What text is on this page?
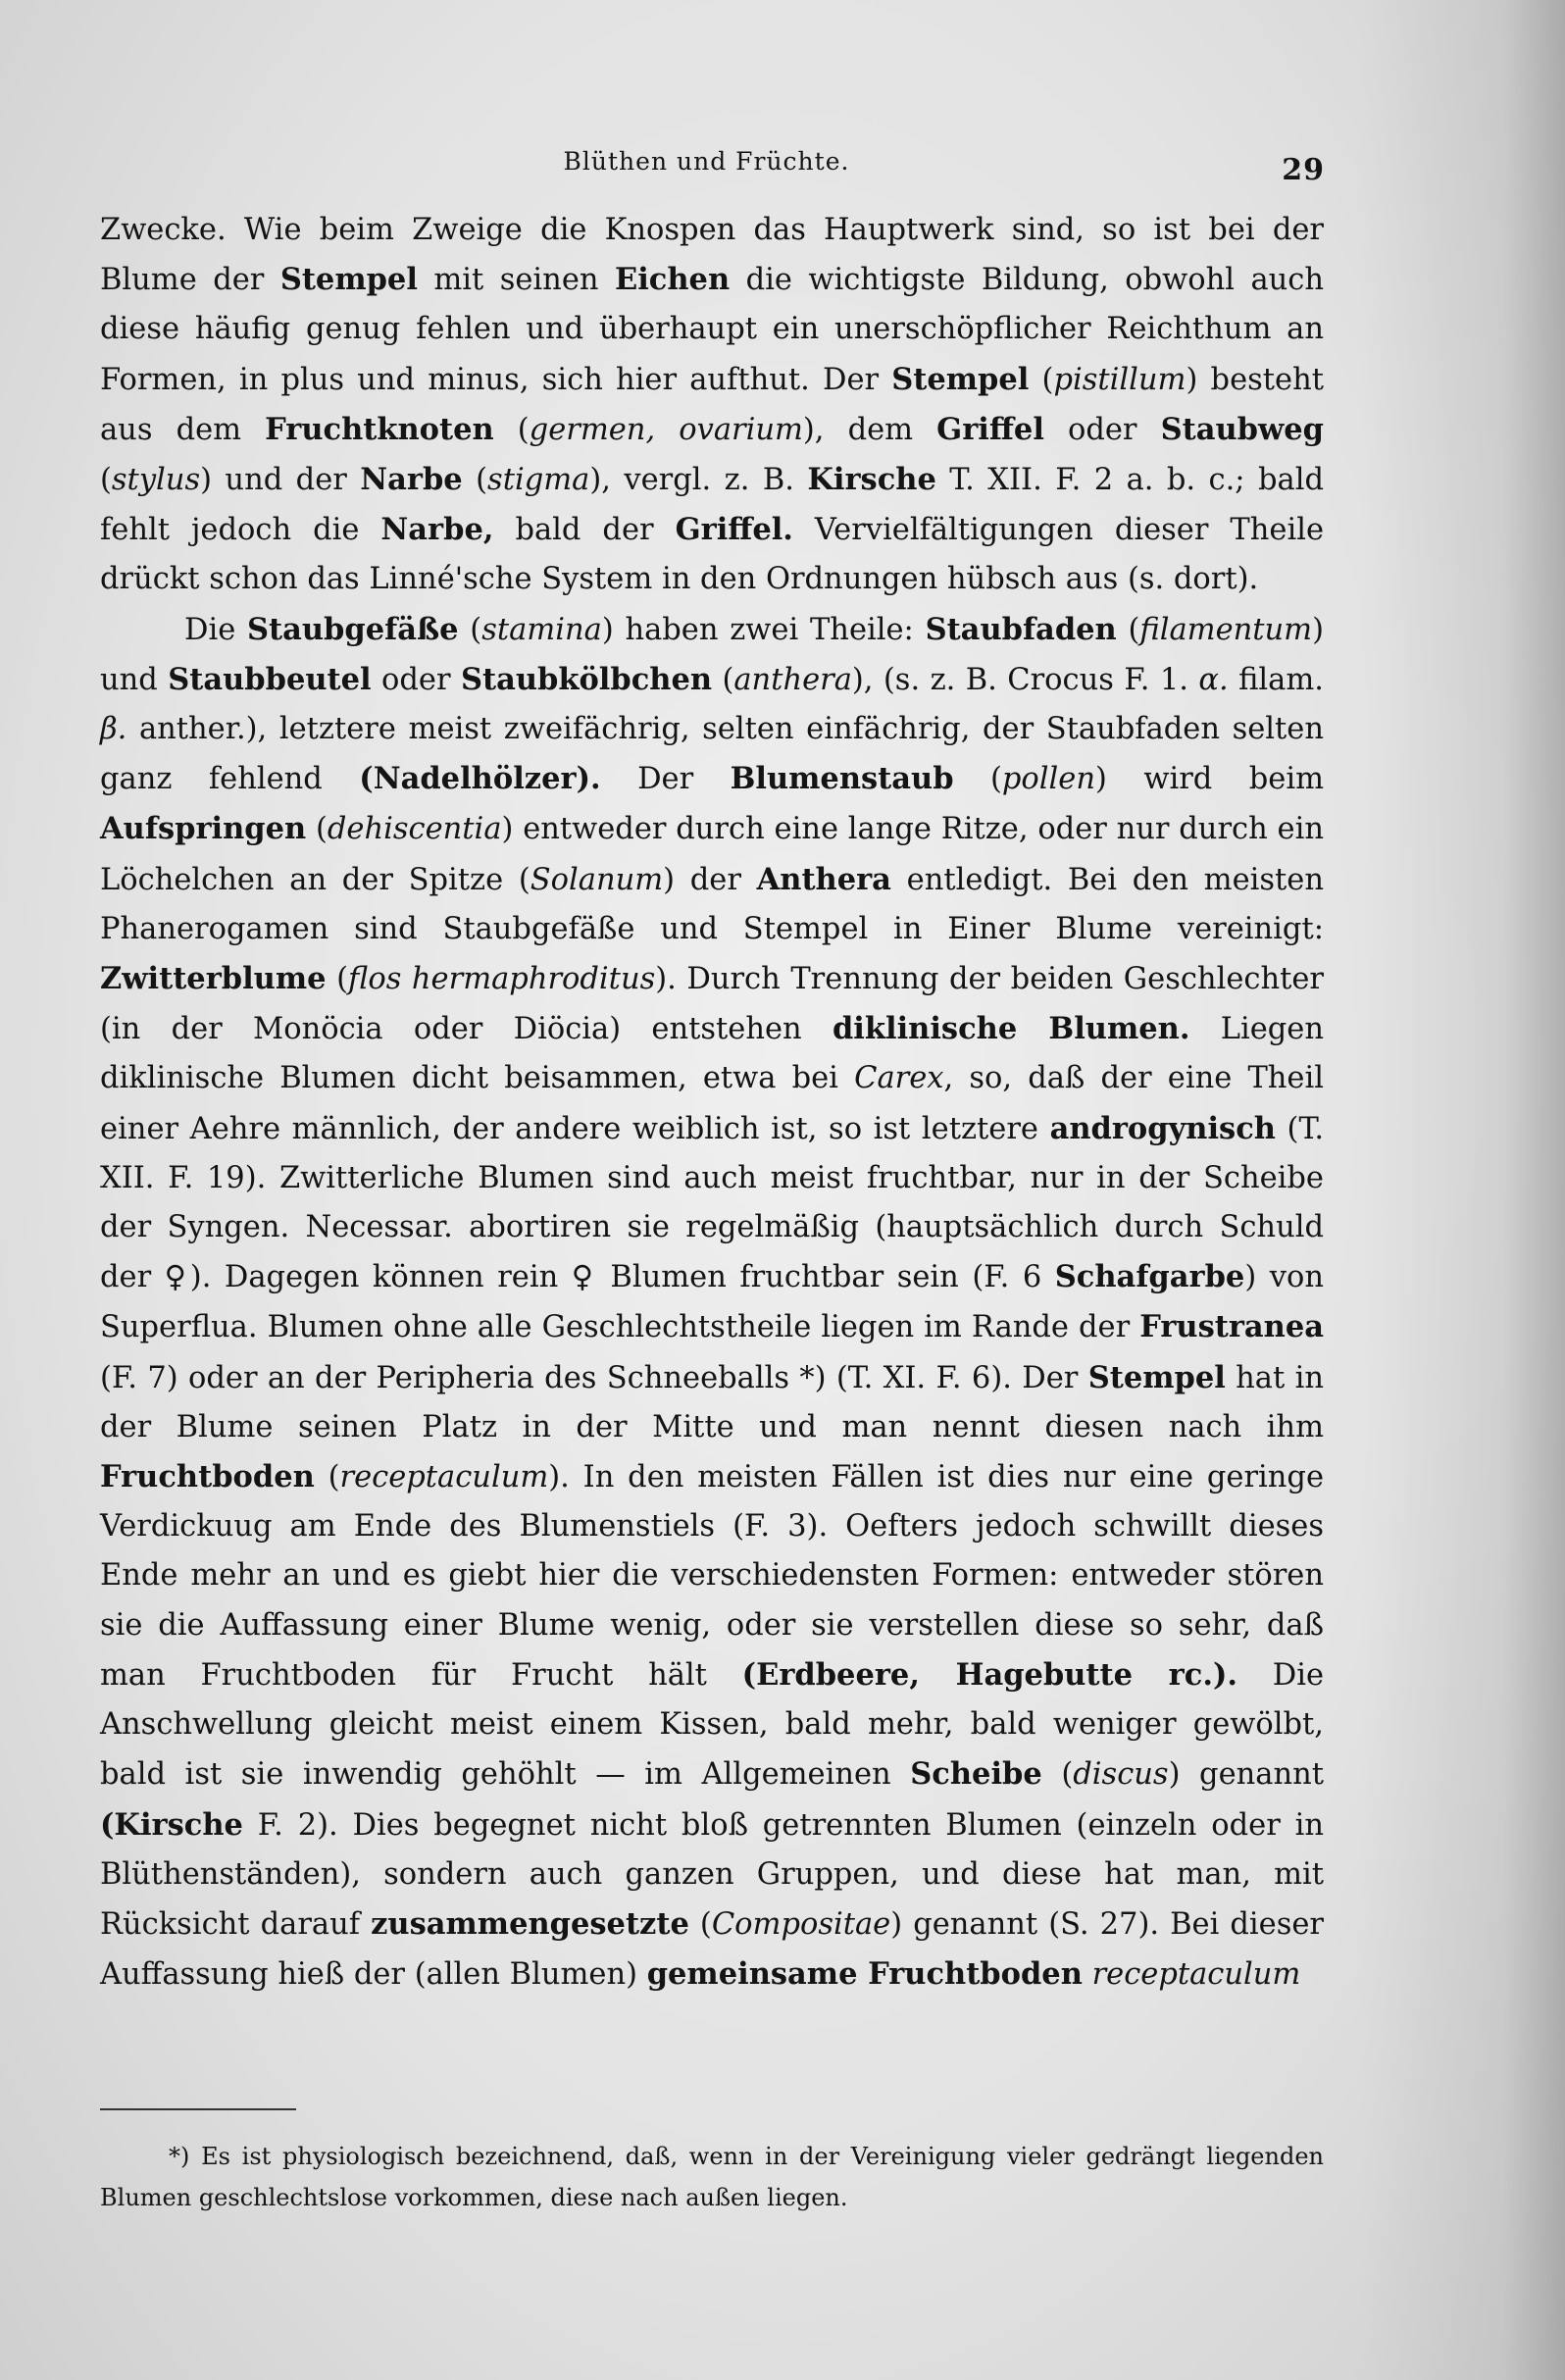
Blüthen und Früchte.	29

Zwecke. Wie beim Zweige die Knospen das Hauptwerk sind, so ist bei der Blume der Stempel mit seinen Eichen die wichtigste Bildung, obwohl auch diese häufig genug fehlen und überhaupt ein unerschöpflicher Reichthum an Formen, in plus und minus, sich hier aufthut. Der Stempel (pistillum) besteht aus dem Fruchtknoten (germen, ovarium), dem Griffel oder Staubweg (stylus) und der Narbe (stigma), vergl. z. B. Kirsche T. XII. F. 2 a. b. c.; bald fehlt jedoch die Narbe, bald der Griffel. Vervielfältigungen dieser Theile drückt schon das Linné'sche System in den Ordnungen hübsch aus (s. dort).

Die Staubgefäße (stamina) haben zwei Theile: Staubfaden (filamentum) und Staubbeutel oder Staubkölbchen (anthera), (s. z. B. Crocus F. 1. α. filam. β. anther.), letztere meist zweifächrig, selten einfächrig, der Staubfaden selten ganz fehlend (Nadelhölzer). Der Blumenstaub (pollen) wird beim Aufspringen (dehiscentia) entweder durch eine lange Ritze, oder nur durch ein Löchelchen an der Spitze (Solanum) der Anthera entledigt. Bei den meisten Phanerogamen sind Staubgefäße und Stempel in Einer Blume vereinigt: Zwitterblume (flos hermaphroditus). Durch Trennung der beiden Geschlechter (in der Monöcia oder Diöcia) entstehen diklinische Blumen. Liegen diklinische Blumen dicht beisammen, etwa bei Carex, so, daß der eine Theil einer Aehre männlich, der andere weiblich ist, so ist letztere androgynisch (T. XII. F. 19). Zwitterliche Blumen sind auch meist fruchtbar, nur in der Scheibe der Syngen. Necessar. abortiren sie regelmäßig (hauptsächlich durch Schuld der ♀). Dagegen können rein ♀ Blumen fruchtbar sein (F. 6 Schafgarbe) von Superflua. Blumen ohne alle Geschlechtstheile liegen im Rande der Frustranea (F. 7) oder an der Peripheria des Schneeballs *) (T. XI. F. 6). Der Stempel hat in der Blume seinen Platz in der Mitte und man nennt diesen nach ihm Fruchtboden (receptaculum). In den meisten Fällen ist dies nur eine geringe Verdickuug am Ende des Blumenstiels (F. 3). Oefters jedoch schwillt dieses Ende mehr an und es giebt hier die verschiedensten Formen: entweder stören sie die Auffassung einer Blume wenig, oder sie verstellen diese so sehr, daß man Fruchtboden für Frucht hält (Erdbeere, Hagebutte rc.). Die Anschwellung gleicht meist einem Kissen, bald mehr, bald weniger gewölbt, bald ist sie inwendig gehöhlt — im Allgemeinen Scheibe (discus) genannt (Kirsche F. 2). Dies begegnet nicht bloß getrennten Blumen (einzeln oder in Blüthenständen), sondern auch ganzen Gruppen, und diese hat man, mit Rücksicht darauf zusammengesetzte (Compositae) genannt (S. 27). Bei dieser Auffassung hieß der (allen Blumen) gemeinsame Fruchtboden receptaculum

*) Es ist physiologisch bezeichnend, daß, wenn in der Vereinigung vieler gedrängt liegenden Blumen geschlechtslose vorkommen, diese nach außen liegen.
